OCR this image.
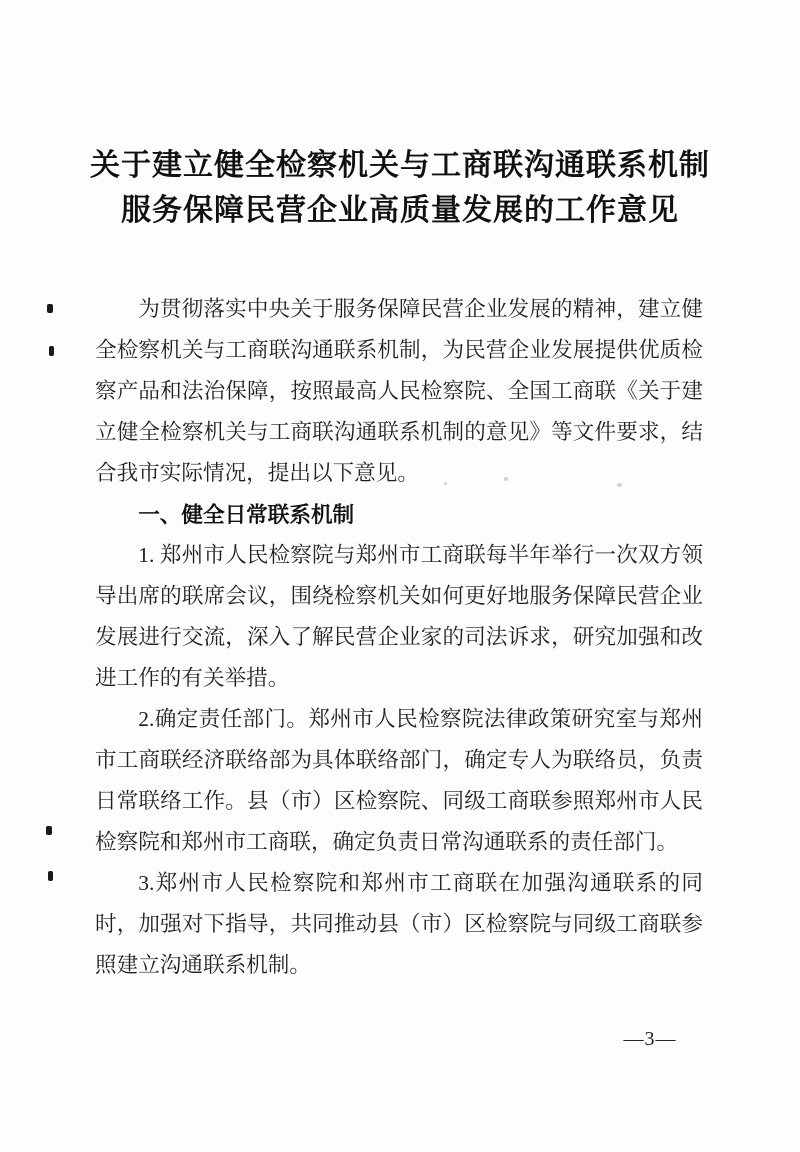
关于建立健全检察机关与工商联沟通联系机制
服务保障民营企业高质量发展的工作意见
为贯彻落实中央关于服务保障民营企业发展的精神，建立健全检察机关与工商联沟通联系机制，为民营企业发展提供优质检察产品和法治保障，按照最高人民检察院、全国工商联《关于建立健全检察机关与工商联沟通联系机制的意见》等文件要求，结合我市实际情况，提出以下意见。
一、健全日常联系机制
1. 郑州市人民检察院与郑州市工商联每半年举行一次双方领导出席的联席会议，围绕检察机关如何更好地服务保障民营企业发展进行交流，深入了解民营企业家的司法诉求，研究加强和改进工作的有关举措。
2.确定责任部门。郑州市人民检察院法律政策研究室与郑州市工商联经济联络部为具体联络部门，确定专人为联络员，负责日常联络工作。县（市）区检察院、同级工商联参照郑州市人民检察院和郑州市工商联，确定负责日常沟通联系的责任部门。
3.郑州市人民检察院和郑州市工商联在加强沟通联系的同时，加强对下指导，共同推动县（市）区检察院与同级工商联参照建立沟通联系机制。
—3—
